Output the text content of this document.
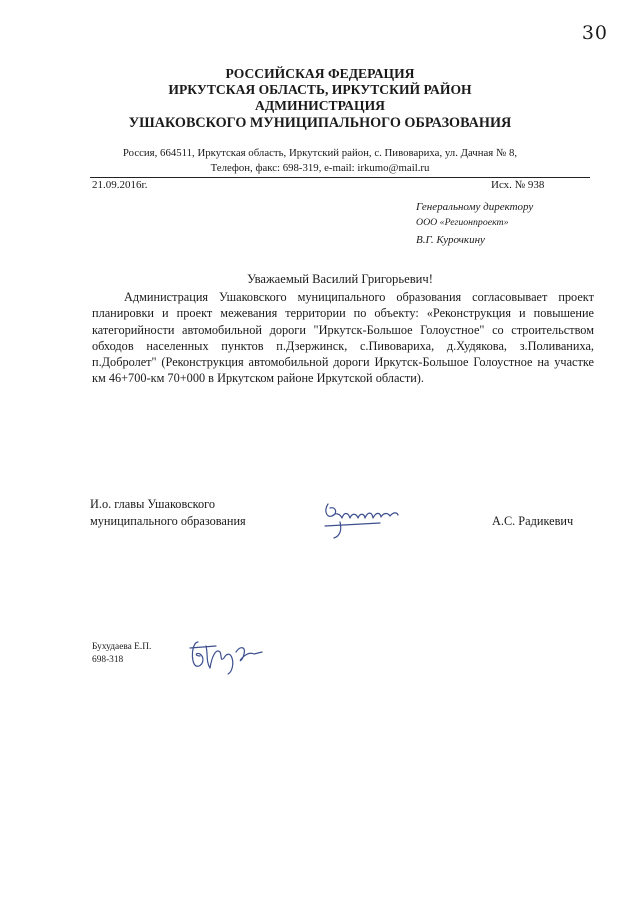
30
РОССИЙСКАЯ ФЕДЕРАЦИЯ
ИРКУТСКАЯ ОБЛАСТЬ, ИРКУТСКИЙ РАЙОН
АДМИНИСТРАЦИЯ
УШАКОВСКОГО МУНИЦИПАЛЬНОГО ОБРАЗОВАНИЯ
Россия, 664511, Иркутская область, Иркутский район, с. Пивовариха, ул. Дачная № 8,
Телефон, факс: 698-319, e-mail: irkumo@mail.ru
21.09.2016г.	Исх. № 938
Генеральному директору
ООО «Регионпроект»
В.Г. Курочкину
Уважаемый Василий Григорьевич!
Администрация Ушаковского муниципального образования согласовывает проект планировки и проект межевания территории по объекту: «Реконструкция и повышение категорийности автомобильной дороги "Иркутск-Большое Голоустное" со строительством обходов населенных пунктов п.Дзержинск, с.Пивовариха, д.Худякова, з.Поливаниха, п.Добролет" (Реконструкция автомобильной дороги Иркутск-Большое Голоустное на участке км 46+700-км 70+000 в Иркутском районе Иркутской области).
И.о. главы Ушаковского
муниципального образования	А.С. Радикевич
Бухудаева Е.П.
698-318
